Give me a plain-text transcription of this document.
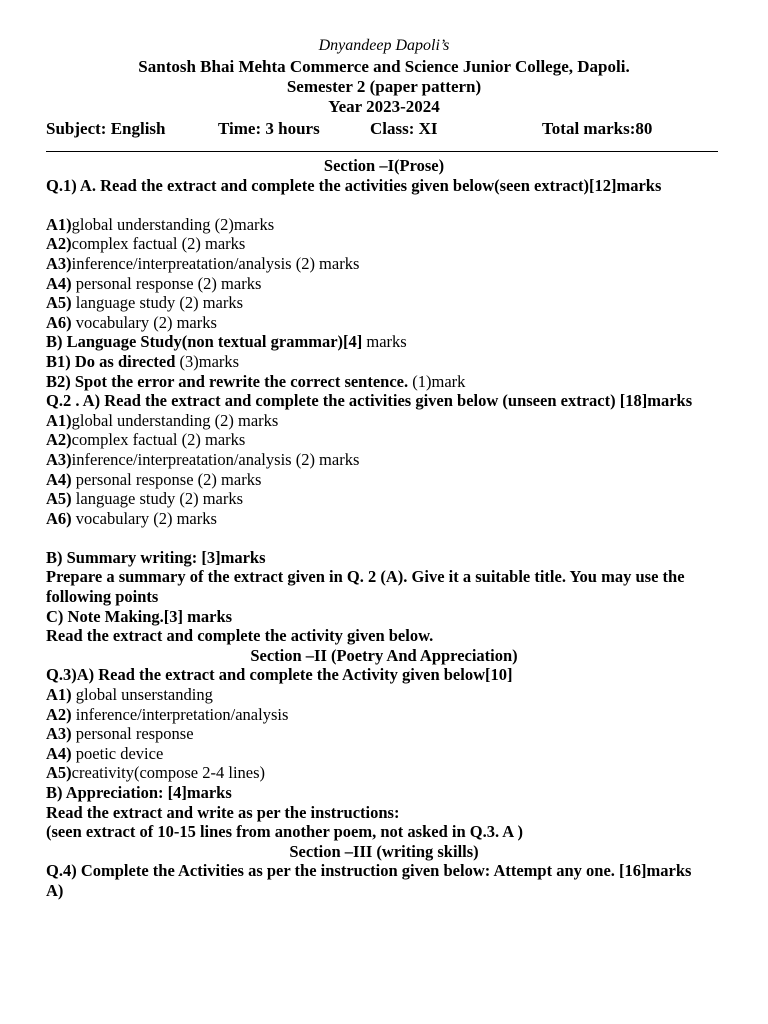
Dnyandeep Dapoli’s
Santosh Bhai Mehta Commerce and Science Junior College, Dapoli.
Semester 2 (paper pattern)
Year 2023-2024
Subject: English	Time: 3 hours	Class: XI	Total marks:80
Section –I(Prose)
Q.1) A. Read the extract and complete the activities given below(seen extract)[12]marks
A1)global understanding (2)marks
A2)complex factual (2) marks
A3)inference/interpreatation/analysis (2) marks
A4) personal response (2) marks
A5) language study (2) marks
A6) vocabulary (2) marks
B) Language Study(non textual grammar)[4] marks
B1) Do as directed (3)marks
B2) Spot the error and rewrite the correct sentence. (1)mark
Q.2 . A) Read the extract and complete the activities given below (unseen extract) [18]marks
A1)global understanding (2) marks
A2)complex factual (2) marks
A3)inference/interpreatation/analysis (2) marks
A4) personal response (2) marks
A5) language study (2) marks
A6) vocabulary (2) marks
B) Summary writing: [3]marks
Prepare a summary of the extract given in Q. 2 (A). Give it a suitable title. You may use the following points
C) Note Making.[3] marks
Read the extract and complete the activity given below.
Section –II (Poetry And Appreciation)
Q.3)A) Read the extract and complete the Activity given below[10]
A1) global unserstanding
A2) inference/interpretation/analysis
A3) personal response
A4) poetic device
A5)creativity(compose 2-4 lines)
B) Appreciation: [4]marks
Read the extract and write as per the instructions:
(seen extract of 10-15 lines from another poem, not asked in Q.3. A )
Section –III (writing skills)
Q.4) Complete the Activities as per the instruction given below: Attempt any one. [16]marks
A)
